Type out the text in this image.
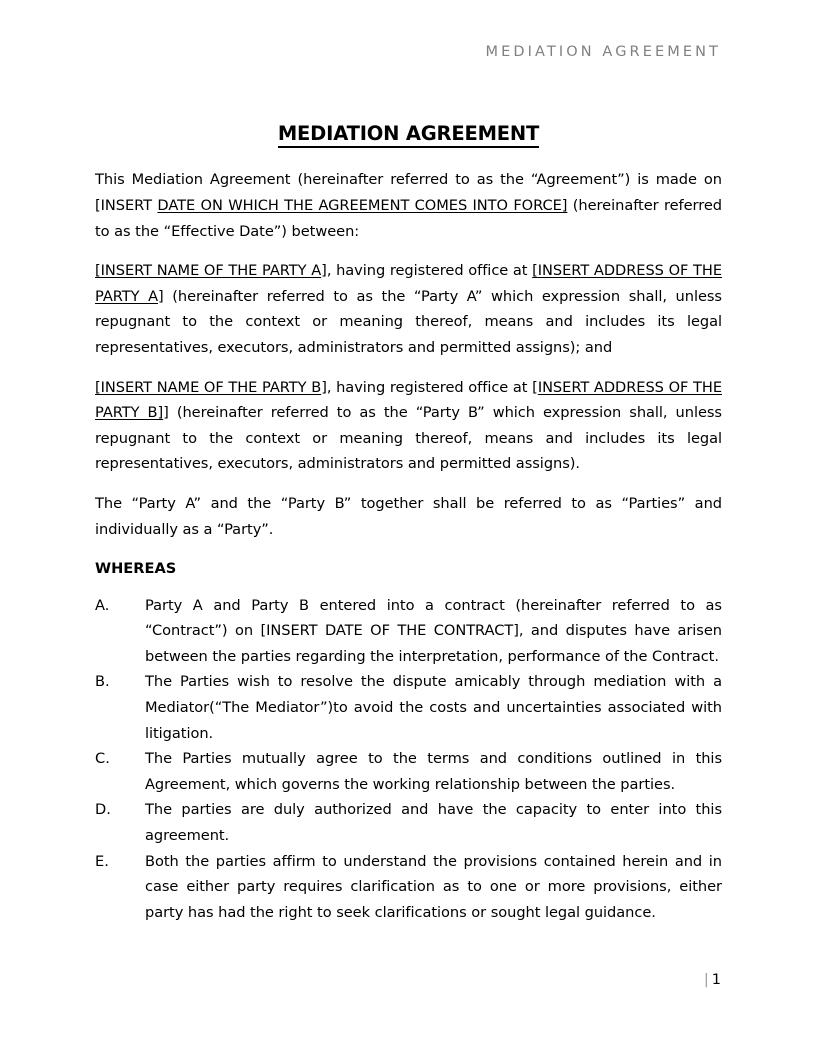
MEDIATION AGREEMENT
MEDIATION AGREEMENT

This Mediation Agreement (hereinafter referred to as the “Agreement”) is made on [INSERT DATE ON WHICH THE AGREEMENT COMES INTO FORCE] (hereinafter referred to as the “Effective Date”) between:

[INSERT NAME OF THE PARTY A], having registered office at [INSERT ADDRESS OF THE PARTY A] (hereinafter referred to as the “Party A” which expression shall, unless repugnant to the context or meaning thereof, means and includes its legal representatives, executors, administrators and permitted assigns); and

[INSERT NAME OF THE PARTY B], having registered office at [INSERT ADDRESS OF THE PARTY B]] (hereinafter referred to as the “Party B” which expression shall, unless repugnant to the context or meaning thereof, means and includes its legal representatives, executors, administrators and permitted assigns).

The “Party A” and the “Party B” together shall be referred to as “Parties” and individually as a “Party”.

WHEREAS
A.	Party A and Party B entered into a contract (hereinafter referred to as “Contract”) on [INSERT DATE OF THE CONTRACT], and disputes have arisen between the parties regarding the interpretation, performance of the Contract.
B.	The Parties wish to resolve the dispute amicably through mediation with a Mediator(“The Mediator”)to avoid the costs and uncertainties associated with litigation.
C.	The Parties mutually agree to the terms and conditions outlined in this Agreement, which governs the working relationship between the parties.
D.	The parties are duly authorized and have the capacity to enter into this agreement.
E.	Both the parties affirm to understand the provisions contained herein and in case either party requires clarification as to one or more provisions, either party has had the right to seek clarifications or sought legal guidance.
| 1
